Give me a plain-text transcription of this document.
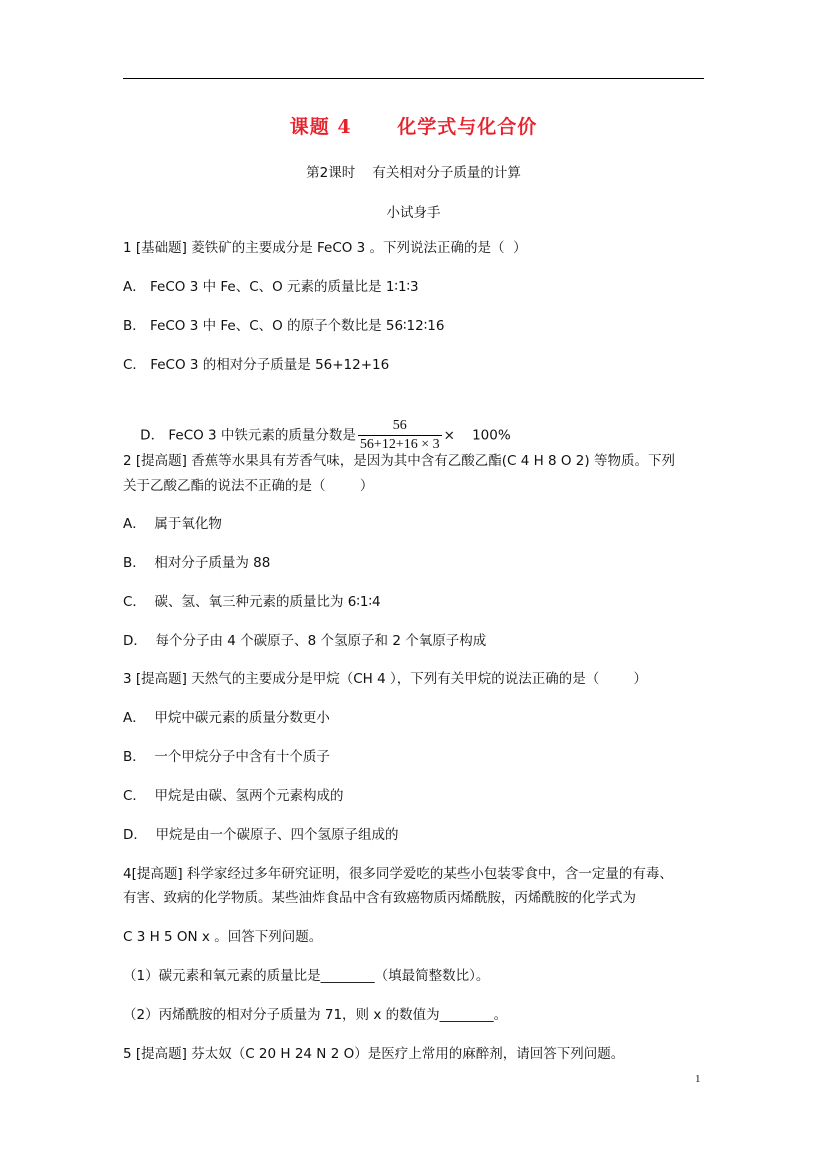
课题 4      化学式与化合价
第2课时    有关相对分子质量的计算
小试身手
1 [基础题] 菱铁矿的主要成分是 FeCO 3 。下列说法正确的是（  ）
A． FeCO 3 中 Fe、C、O 元素的质量比是 1∶1∶3
B． FeCO 3 中 Fe、C、O 的原子个数比是 56∶12∶16
C． FeCO 3 的相对分子质量是 56+12+16

D． FeCO 3 中铁元素的质量分数是 $\frac{56}{56+12+16 \times 3} \times 100\%$

2 [提高题] 香蕉等水果具有芳香气味，是因为其中含有乙酸乙酯(C 4 H 8 O 2) 等物质。下列
关于乙酸乙酯的说法不正确的是（        ）
A．  属于氧化物
B．  相对分子质量为 88
C．  碳、氢、氧三种元素的质量比为 6∶1∶4
D．  每个分子由 4 个碳原子、8 个氢原子和 2 个氧原子构成
3 [提高题] 天然气的主要成分是甲烷（CH 4 ），下列有关甲烷的说法正确的是（        ）
A．  甲烷中碳元素的质量分数更小
B．  一个甲烷分子中含有十个质子
C．  甲烷是由碳、氢两个元素构成的
D．  甲烷是由一个碳原子、四个氢原子组成的
4[提高题] 科学家经过多年研究证明，很多同学爱吃的某些小包装零食中，含一定量的有毒、
有害、致病的化学物质。某些油炸食品中含有致癌物质丙烯酰胺，丙烯酰胺的化学式为
C 3 H 5 ON x 。回答下列问题。
（1）碳元素和氧元素的质量比是________（填最简整数比）。
（2）丙烯酰胺的相对分子质量为 71，则 x 的数值为________。
5 [提高题] 芬太奴（C 20 H 24 N 2 O）是医疗上常用的麻醉剂，请回答下列问题。
1
